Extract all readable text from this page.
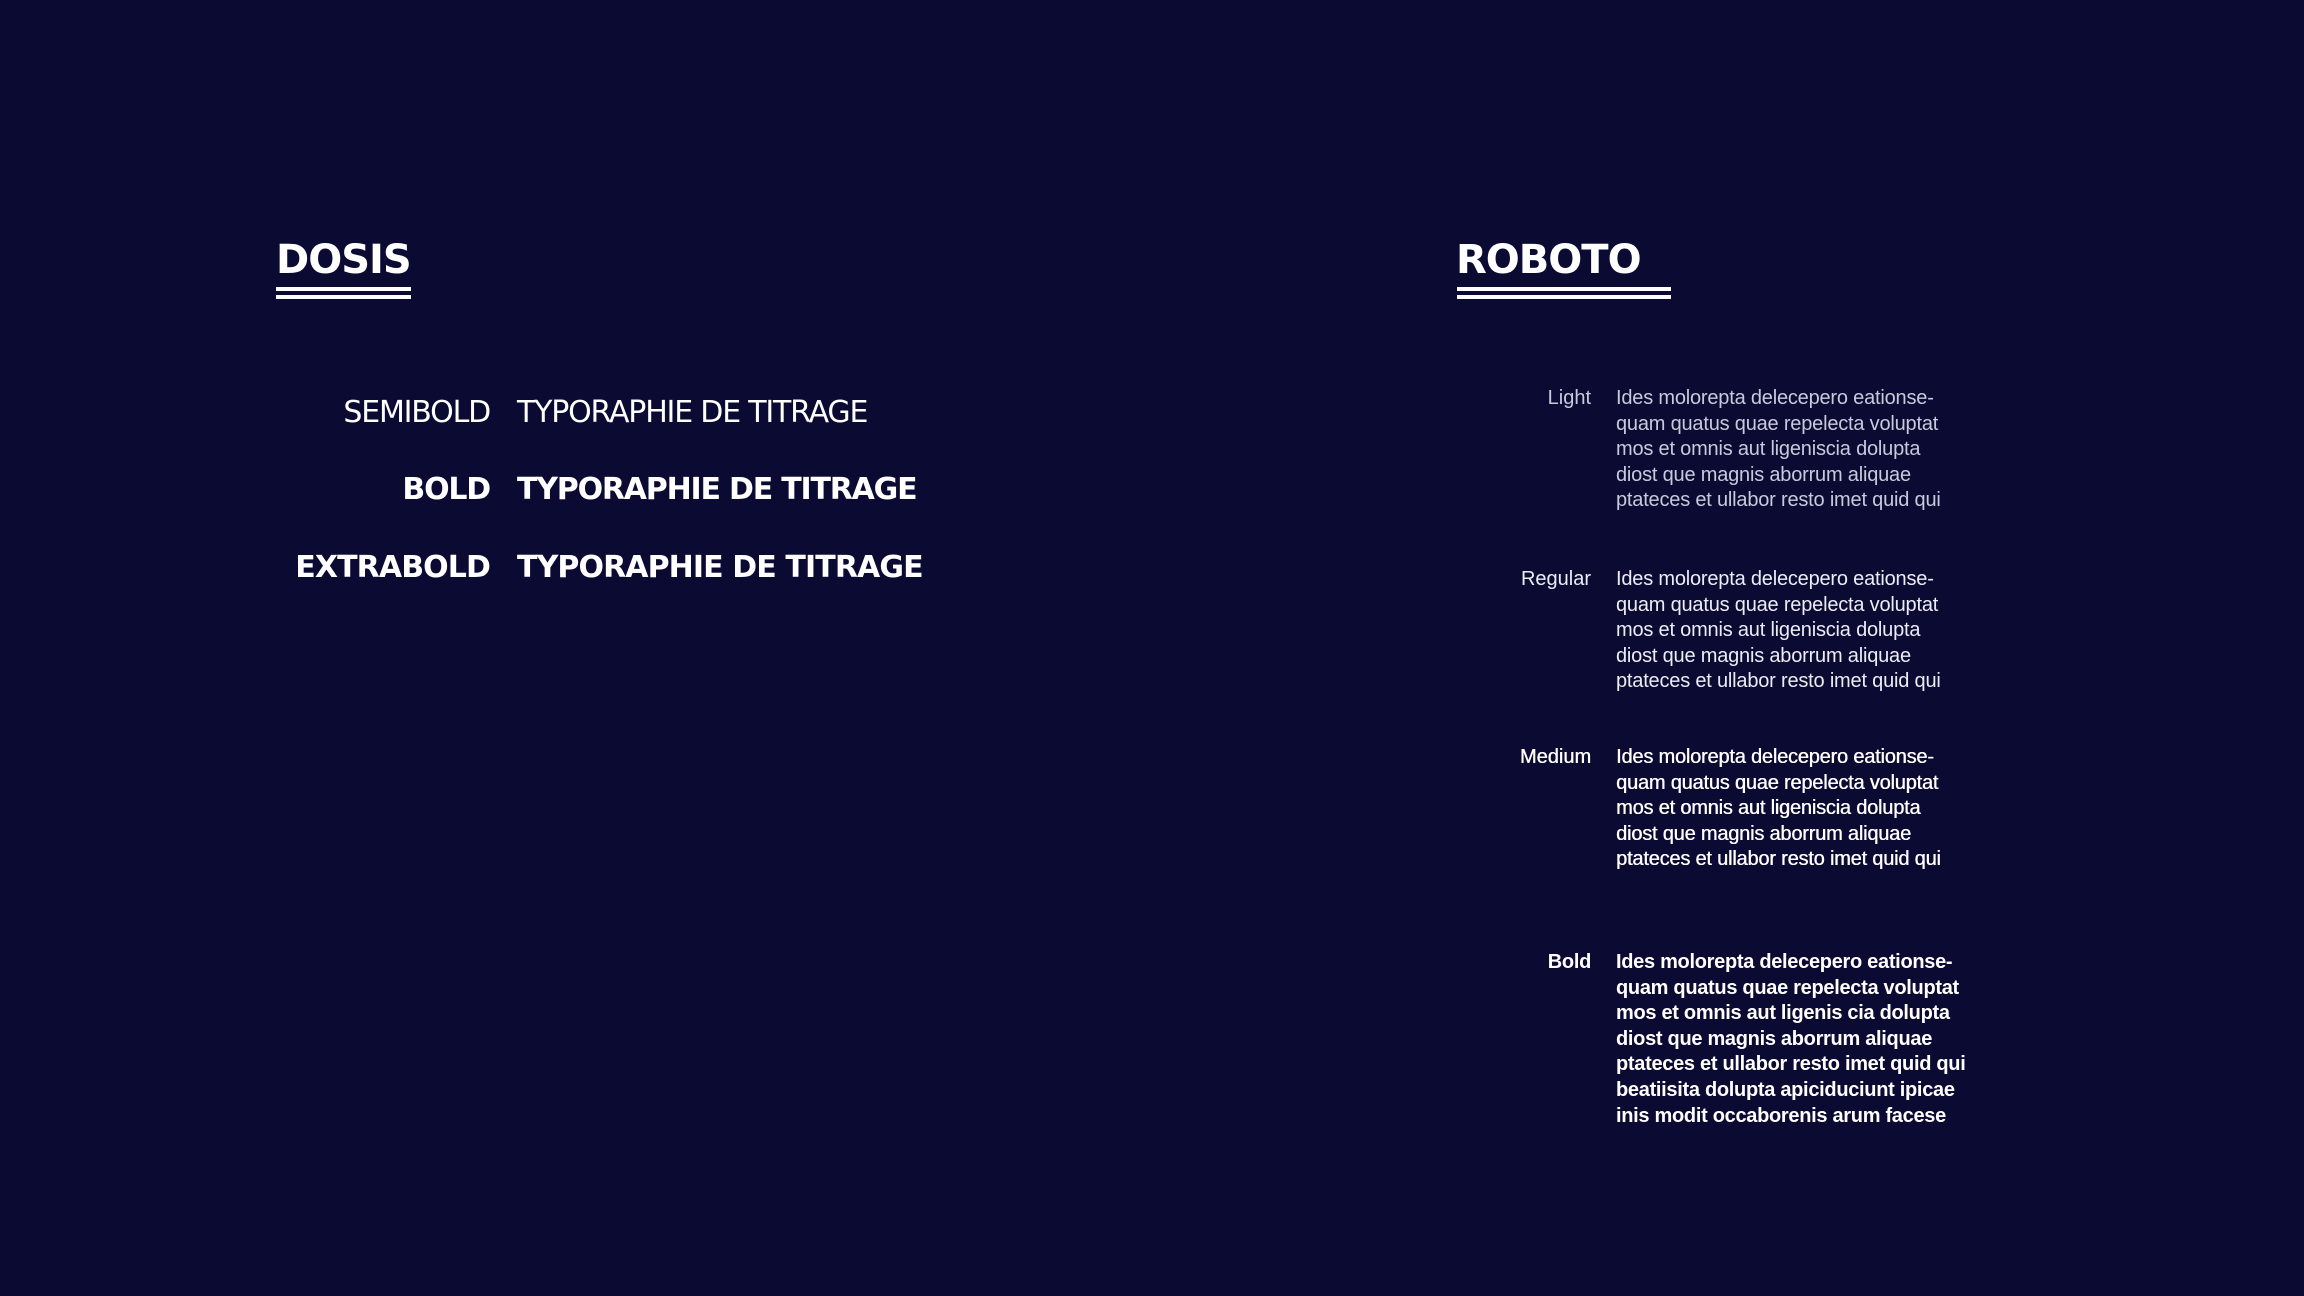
DOSIS
SEMIBOLD TYPORAPHIE DE TITRAGE
BOLD TYPORAPHIE DE TITRAGE
EXTRABOLD TYPORAPHIE DE TITRAGE
ROBOTO
Light Ides molorepta delecepero eationse-
quam quatus quae repelecta voluptat
mos et omnis aut ligeniscia dolupta
diost que magnis aborrum aliquae
ptateces et ullabor resto imet quid qui
Regular Ides molorepta delecepero eationse-
quam quatus quae repelecta voluptat
mos et omnis aut ligeniscia dolupta
diost que magnis aborrum aliquae
ptateces et ullabor resto imet quid qui
Medium Ides molorepta delecepero eationse-
quam quatus quae repelecta voluptat
mos et omnis aut ligeniscia dolupta
diost que magnis aborrum aliquae
ptateces et ullabor resto imet quid qui
Bold Ides molorepta delecepero eationse-
quam quatus quae repelecta voluptat
mos et omnis aut ligenis cia dolupta
diost que magnis aborrum aliquae
ptateces et ullabor resto imet quid qui
beatiisita dolupta apiciduciunt ipicae
inis modit occaborenis arum facese
